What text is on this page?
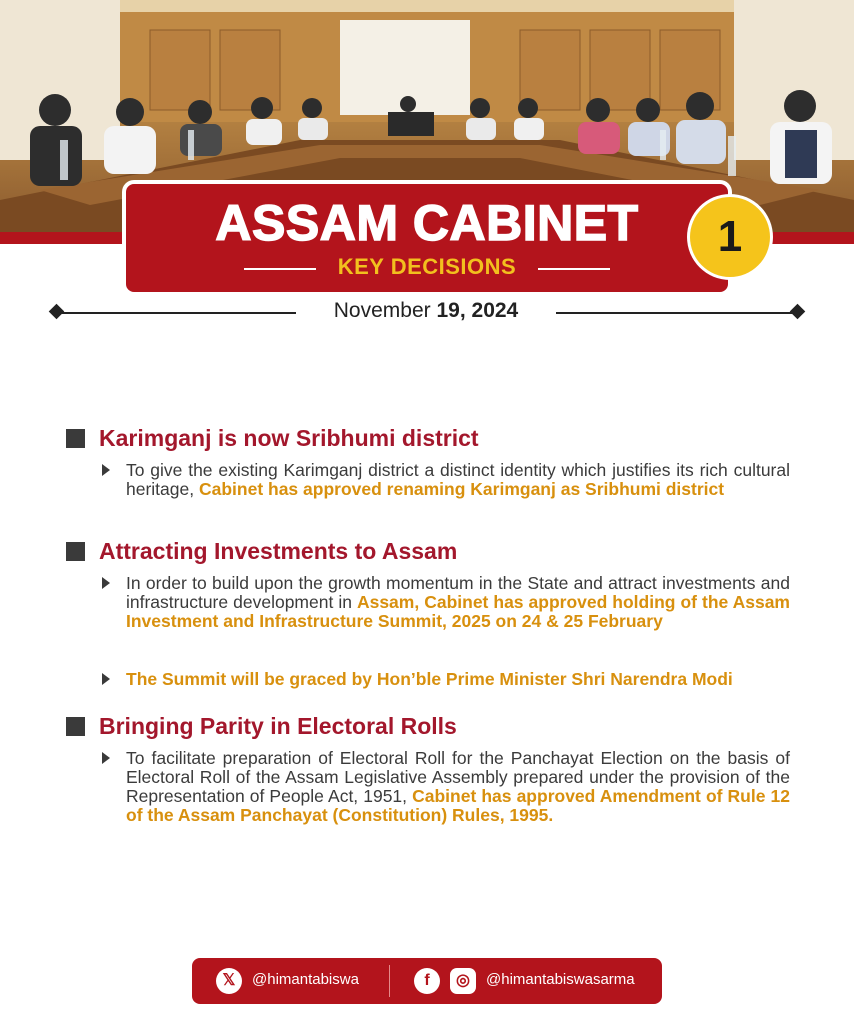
ASSAM CABINET
KEY DECISIONS
1
November 19, 2024
Karimganj is now Sribhumi district
To give the existing Karimganj district a distinct identity which justifies its rich cultural heritage, Cabinet has approved renaming Karimganj as Sribhumi district
Attracting Investments to Assam
In order to build upon the growth momentum in the State and attract investments and infrastructure development in Assam, Cabinet has approved holding of the Assam Investment and Infrastructure Summit, 2025 on 24 & 25 February
The Summit will be graced by Hon’ble Prime Minister Shri Narendra Modi
Bringing Parity in Electoral Rolls
To facilitate preparation of Electoral Roll for the Panchayat Election on the basis of Electoral Roll of the Assam Legislative Assembly prepared under the provision of the Representation of People Act, 1951, Cabinet has approved Amendment of Rule 12 of the Assam Panchayat (Constitution) Rules, 1995.
𝕏	@himantabiswa	f	◎	@himantabiswasarma
